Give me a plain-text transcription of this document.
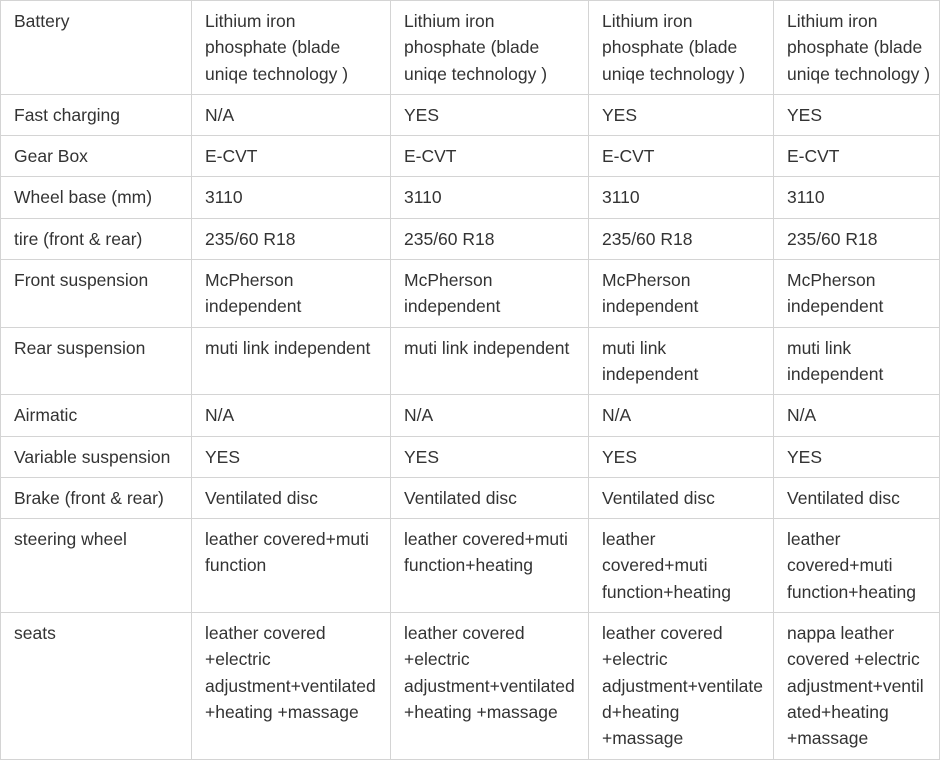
Battery	Lithium iron phosphate (blade uniqe technology )	Lithium iron phosphate (blade uniqe technology )	Lithium iron phosphate (blade uniqe technology )	Lithium iron phosphate (blade uniqe technology )
Fast charging	N/A	YES	YES	YES
Gear Box	E-CVT	E-CVT	E-CVT	E-CVT
Wheel base (mm)	3110	3110	3110	3110
tire (front & rear)	235/60 R18	235/60 R18	235/60 R18	235/60 R18
Front suspension	McPherson independent	McPherson independent	McPherson independent	McPherson independent
Rear suspension	muti link independent	muti link independent	muti link independent	muti link independent
Airmatic	N/A	N/A	N/A	N/A
Variable suspension	YES	YES	YES	YES
Brake (front & rear)	Ventilated disc	Ventilated disc	Ventilated disc	Ventilated disc
steering wheel	leather covered+muti function	leather covered+muti function+heating	leather covered+muti function+heating	leather covered+muti function+heating
seats	leather covered +electric adjustment+ventilated+heating +massage	leather covered +electric adjustment+ventilated+heating +massage	leather covered +electric adjustment+ventilated+heating +massage	nappa leather covered +electric adjustment+ventilated+heating +massage
